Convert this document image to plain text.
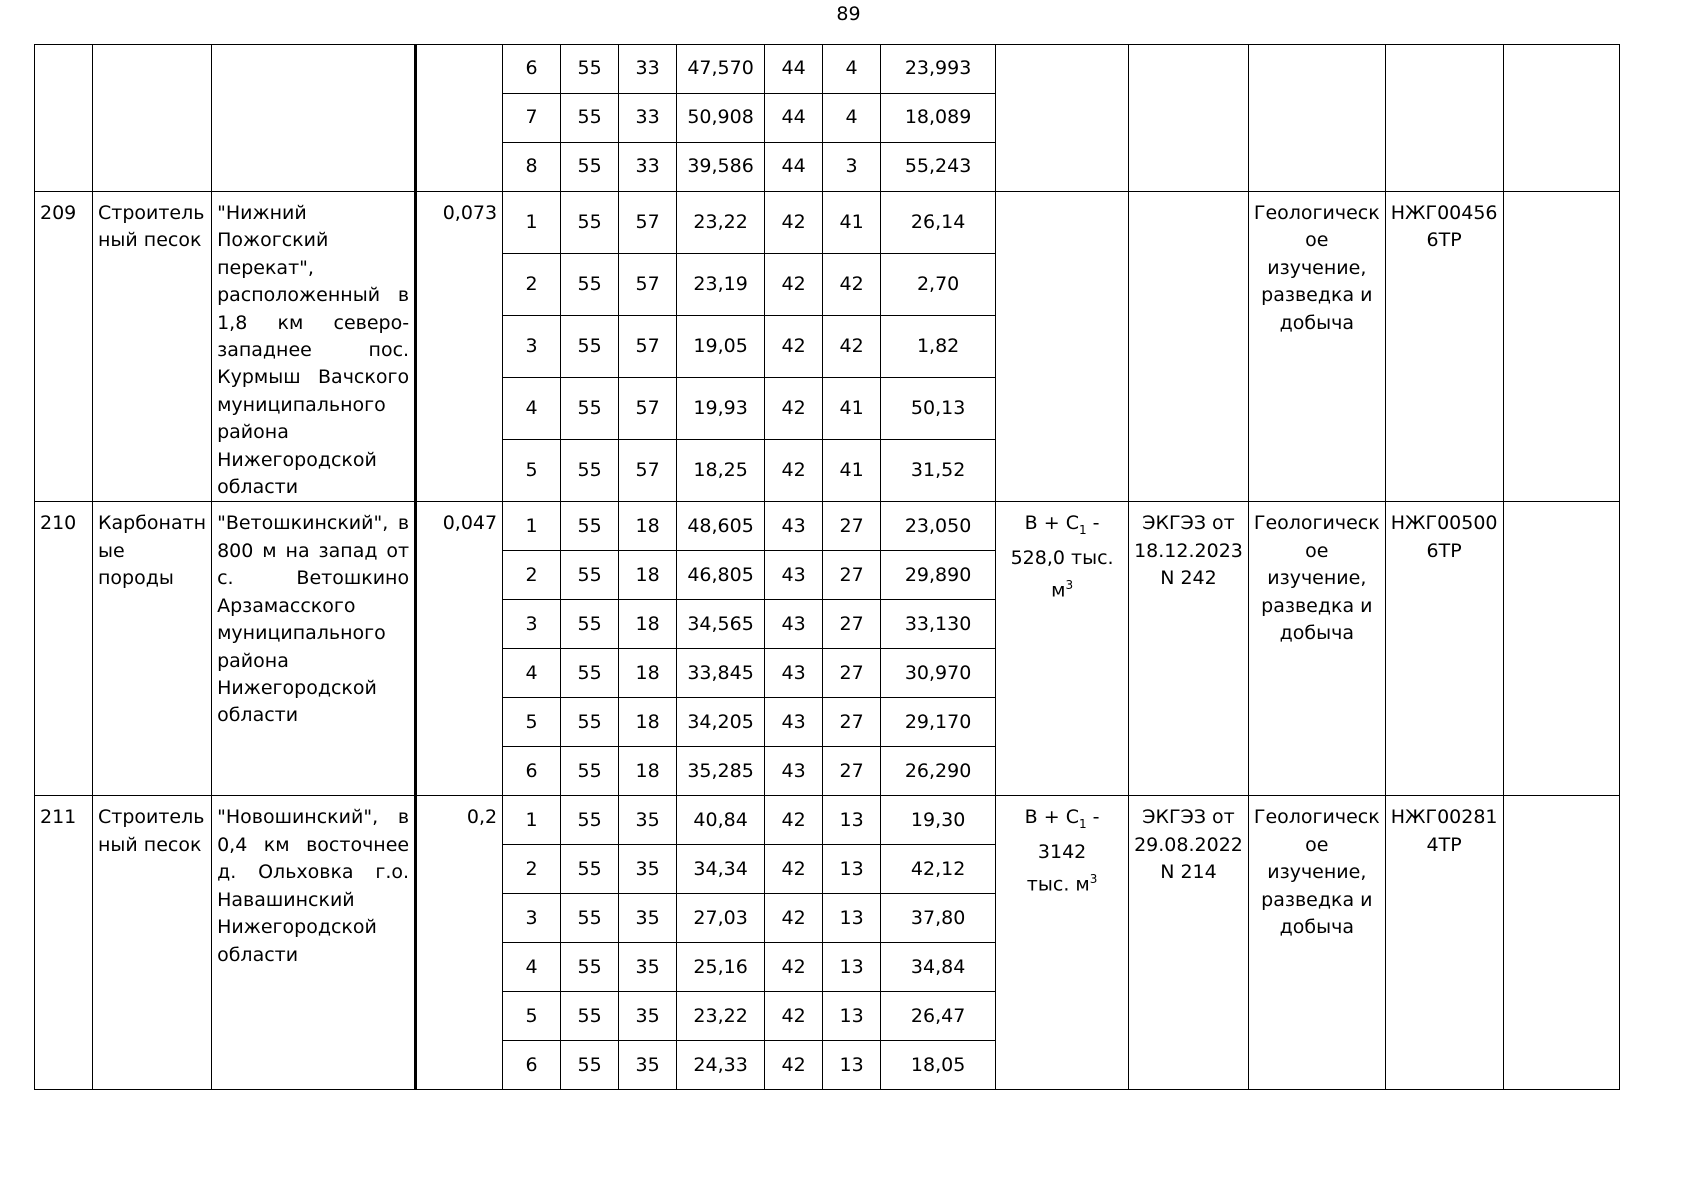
89
				6	55	33	47,570	44	4	23,993					
				7	55	33	50,908	44	4	18,089					
				8	55	33	39,586	44	3	55,243					
209	Строитель
ный песок	"Нижний Пожогский перекат", расположенный в 1,8 км северо-западнее пос. Курмыш Вачского муниципального района Нижегородской области	0,073	1	55	57	23,22	42	41	26,14			Геологическ
ое
изучение,
разведка и
добыча	НЖГ00456
6ТР	
				2	55	57	23,19	42	42	2,70					
				3	55	57	19,05	42	42	1,82					
				4	55	57	19,93	42	41	50,13					
				5	55	57	18,25	42	41	31,52					
210	Карбонатн
ые
породы	"Ветошкинский", в 800 м на запад от с. Ветошкино Арзамасского муниципального района Нижегородской области	0,047	1	55	18	48,605	43	27	23,050	$B + C_1$ -
528,0 тыс.
$м^3$	ЭКГЭЗ от
18.12.2023
N 242	Геологическ
ое
изучение,
разведка и
добыча	НЖГ00500
6ТР	
				2	55	18	46,805	43	27	29,890					
				3	55	18	34,565	43	27	33,130					
				4	55	18	33,845	43	27	30,970					
				5	55	18	34,205	43	27	29,170					
				6	55	18	35,285	43	27	26,290					
211	Строитель
ный песок	"Новошинский", в 0,4 км восточнее д. Ольховка г.о. Навашинский Нижегородской области	0,2	1	55	35	40,84	42	13	19,30	$B + C_1 - 3142$
тыс. $м^3$	ЭКГЭЗ от
29.08.2022
N 214	Геологическ
ое
изучение,
разведка и
добыча	НЖГ00281
4ТР	
				2	55	35	34,34	42	13	42,12					
				3	55	35	27,03	42	13	37,80					
				4	55	35	25,16	42	13	34,84					
				5	55	35	23,22	42	13	26,47					
				6	55	35	24,33	42	13	18,05					
